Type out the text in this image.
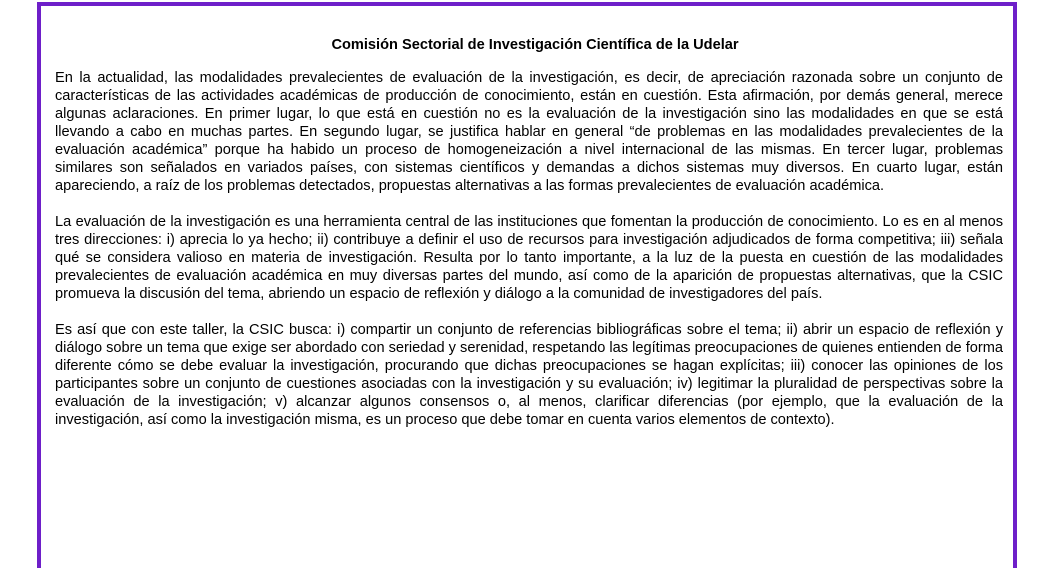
Comisión Sectorial de Investigación Científica de la Udelar

En la actualidad, las modalidades prevalecientes de evaluación de la investigación, es decir, de apreciación razonada sobre un conjunto de características de las actividades académicas de producción de conocimiento, están en cuestión. Esta afirmación, por demás general, merece algunas aclaraciones. En primer lugar, lo que está en cuestión no es la evaluación de la investigación sino las modalidades en que se está llevando a cabo en muchas partes. En segundo lugar, se justifica hablar en general “de problemas en las modalidades prevalecientes de la evaluación académica” porque ha habido un proceso de homogeneización a nivel internacional de las mismas. En tercer lugar, problemas similares son señalados en variados países, con sistemas científicos y demandas a dichos sistemas muy diversos. En cuarto lugar, están apareciendo, a raíz de los problemas detectados, propuestas alternativas a las formas prevalecientes de evaluación académica.

La evaluación de la investigación es una herramienta central de las instituciones que fomentan la producción de conocimiento. Lo es en al menos tres direcciones: i) aprecia lo ya hecho; ii) contribuye a definir el uso de recursos para investigación adjudicados de forma competitiva; iii) señala qué se considera valioso en materia de investigación. Resulta por lo tanto importante, a la luz de la puesta en cuestión de las modalidades prevalecientes de evaluación académica en muy diversas partes del mundo, así como de la aparición de propuestas alternativas, que la CSIC promueva la discusión del tema, abriendo un espacio de reflexión y diálogo a la comunidad de investigadores del país.

Es así que con este taller, la CSIC busca: i) compartir un conjunto de referencias bibliográficas sobre el tema; ii) abrir un espacio de reflexión y diálogo sobre un tema que exige ser abordado con seriedad y serenidad, respetando las legítimas preocupaciones de quienes entienden de forma diferente cómo se debe evaluar la investigación, procurando que dichas preocupaciones se hagan explícitas; iii) conocer las opiniones de los participantes sobre un conjunto de cuestiones asociadas con la investigación y su evaluación; iv) legitimar la pluralidad de perspectivas sobre la evaluación de la investigación; v) alcanzar algunos consensos o, al menos, clarificar diferencias (por ejemplo, que la evaluación de la investigación, así como la investigación misma, es un proceso que debe tomar en cuenta varios elementos de contexto).
